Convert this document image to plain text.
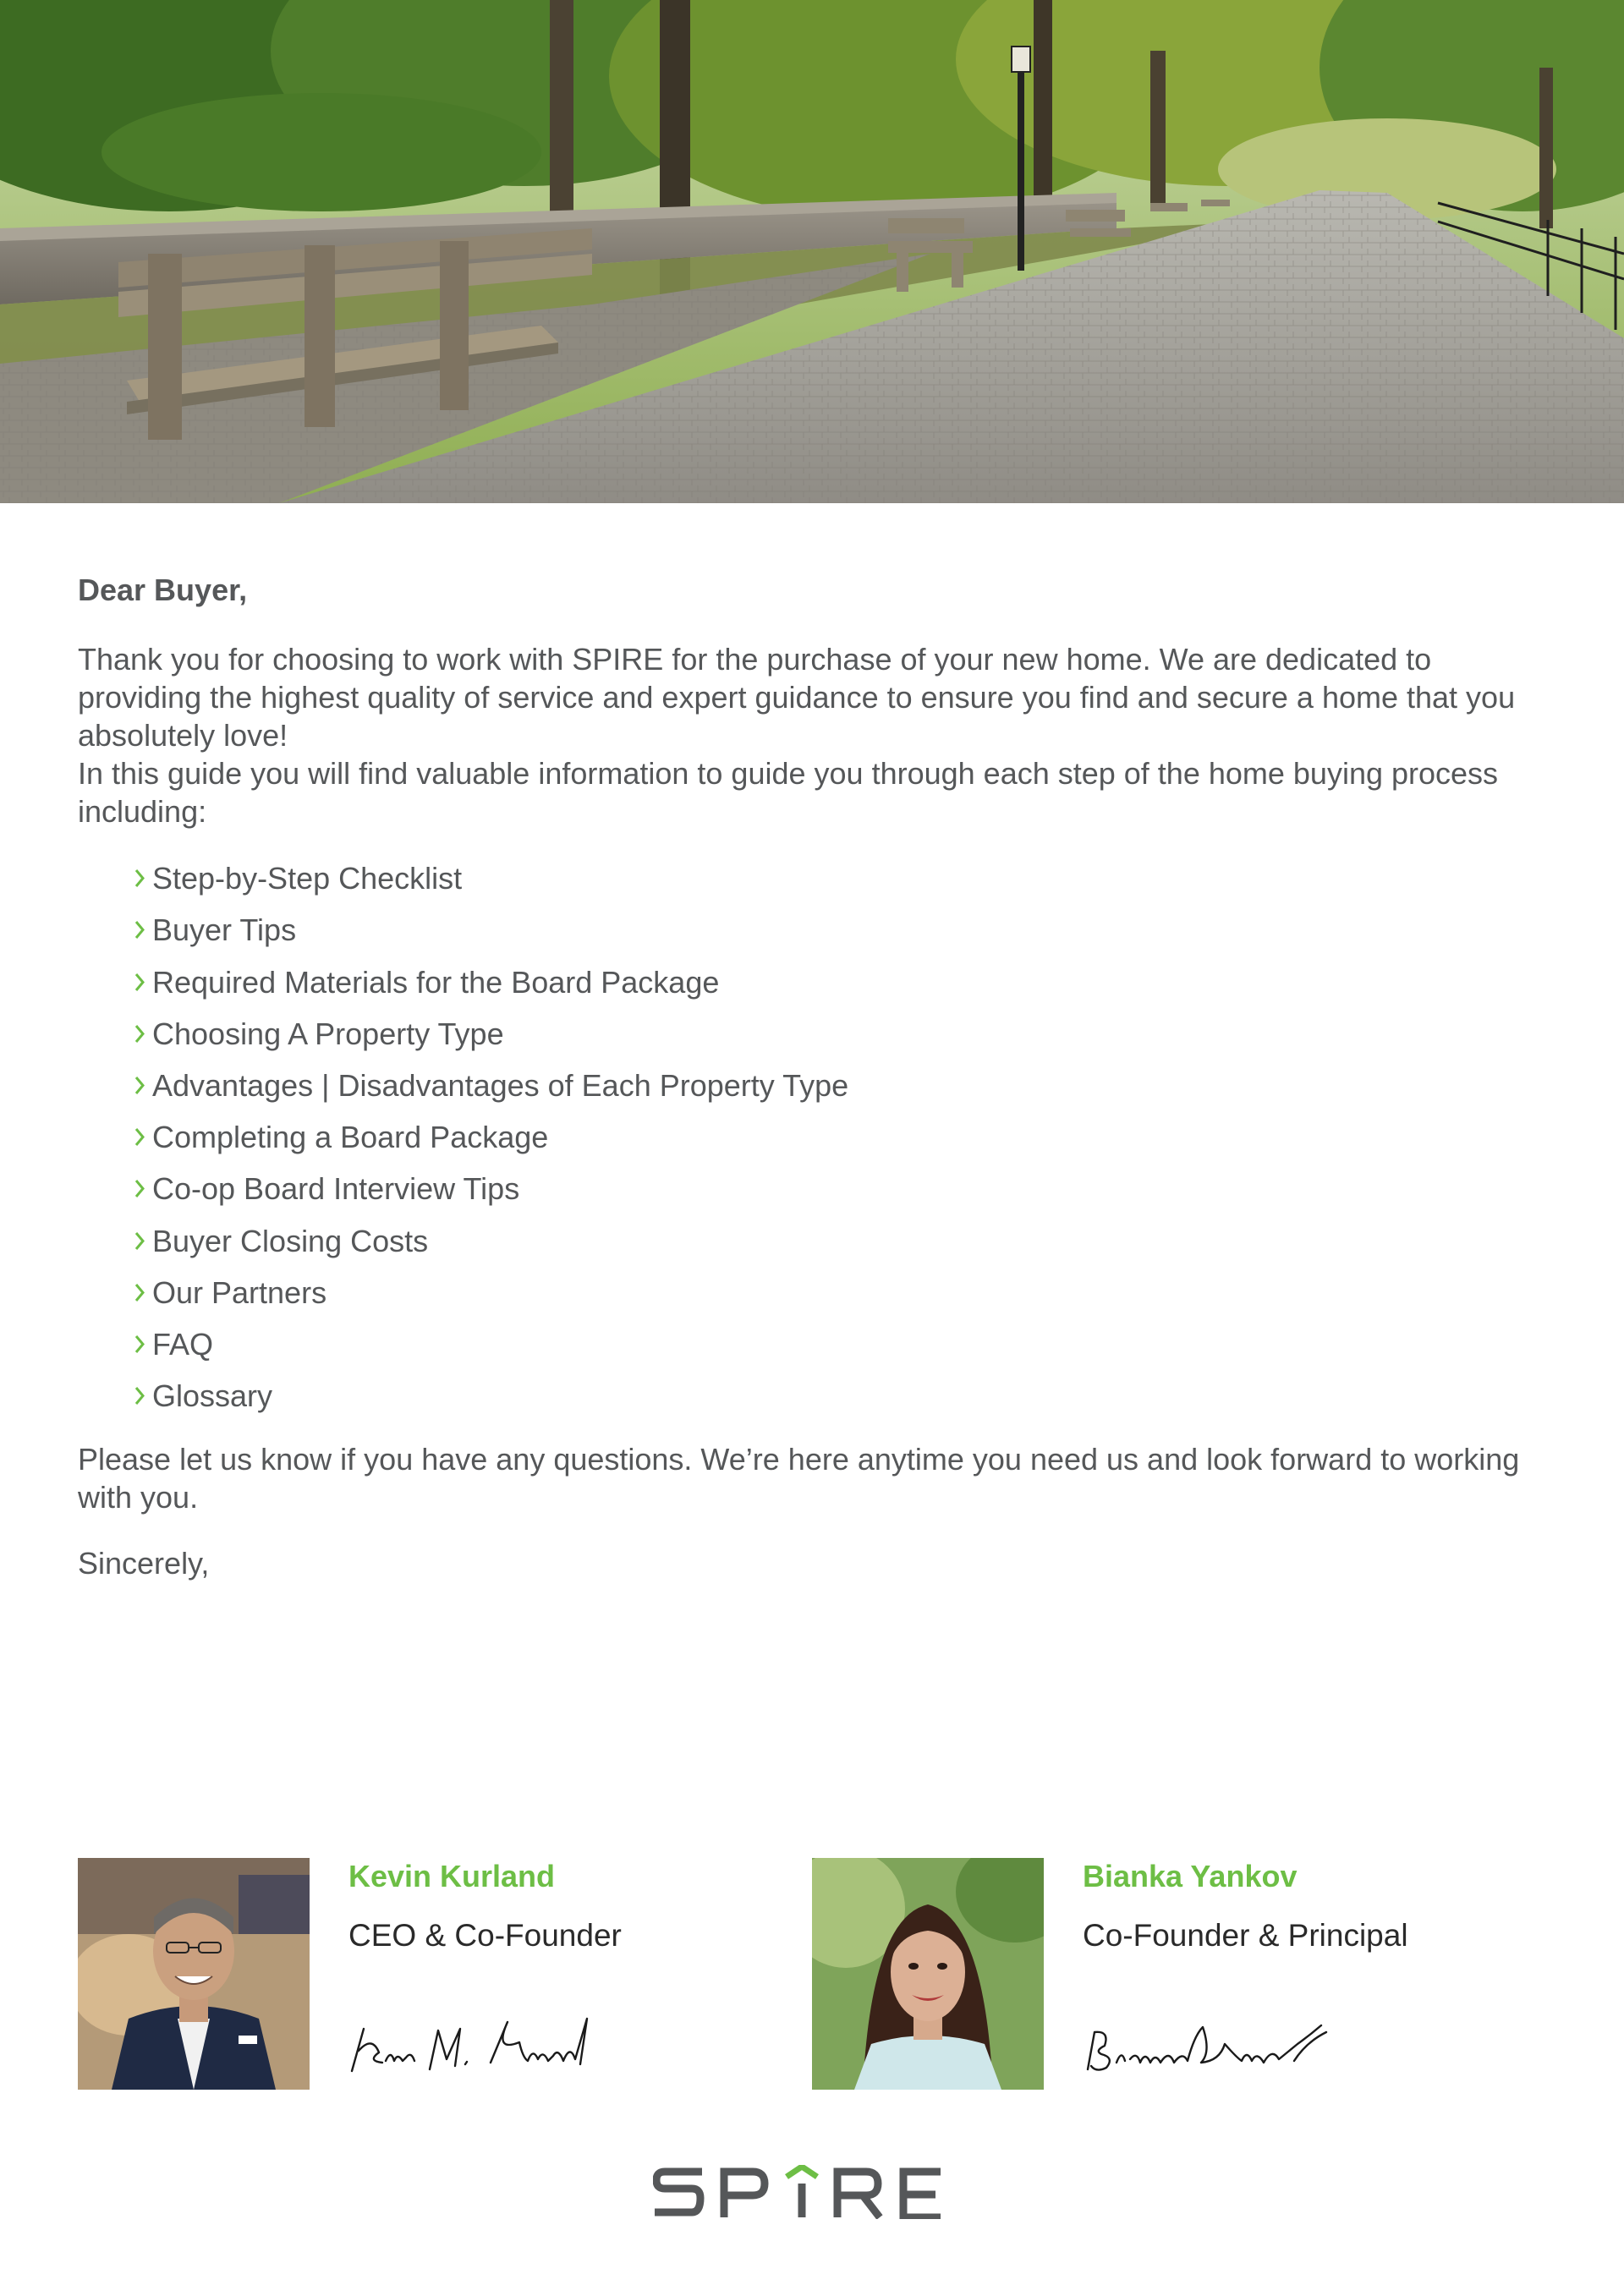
Dear Buyer,

Thank you for choosing to work with SPIRE for the purchase of your new home. We are dedicated to providing the highest quality of service and expert guidance to ensure you find and secure a home that you absolutely love!

In this guide you will find valuable information to guide you through each step of the home buying process including:

Step-by-Step Checklist
Buyer Tips
Required Materials for the Board Package
Choosing A Property Type
Advantages | Disadvantages of Each Property Type
Completing a Board Package
Co-op Board Interview Tips
Buyer Closing Costs
Our Partners
FAQ
Glossary

Please let us know if you have any questions. We’re here anytime you need us and look forward to working with you.

Sincerely,

Kevin Kurland
CEO & Co-Founder
Bianka Yankov
Co-Founder & Principal
